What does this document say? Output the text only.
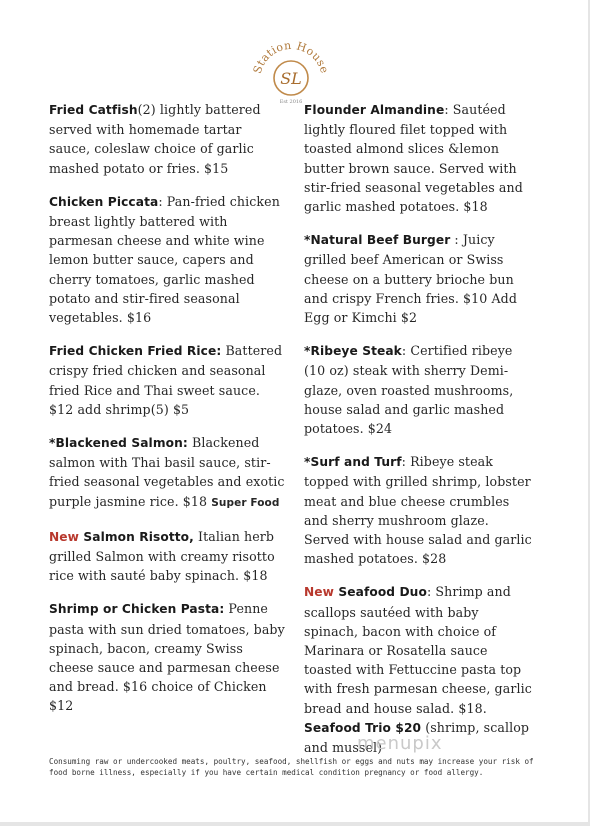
Station House
SL
Est 2016
Fried Catfish(2) lightly battered served with homemade tartar sauce, coleslaw choice of garlic mashed potato or fries. $15
Chicken Piccata: Pan-fried chicken breast lightly battered with parmesan cheese and white wine lemon butter sauce, capers and cherry tomatoes, garlic mashed potato and stir-fired seasonal vegetables. $16
Fried Chicken Fried Rice: Battered crispy fried chicken and seasonal fried Rice and Thai sweet sauce. $12 add shrimp(5) $5
*Blackened Salmon: Blackened salmon with Thai basil sauce, stir- fried seasonal vegetables and exotic purple jasmine rice. $18 Super Food
New Salmon Risotto, Italian herb grilled Salmon with creamy risotto rice with sauté baby spinach. $18
Shrimp or Chicken Pasta: Penne pasta with sun dried tomatoes, baby spinach, bacon, creamy Swiss cheese sauce and parmesan cheese and bread. $16 choice of Chicken $12
Flounder Almandine: Sautéed lightly floured filet topped with toasted almond slices &lemon butter brown sauce. Served with stir-fried seasonal vegetables and garlic mashed potatoes. $18
*Natural Beef Burger : Juicy grilled beef American or Swiss cheese on a buttery brioche bun and crispy French fries. $10 Add Egg or Kimchi $2
*Ribeye Steak: Certified ribeye (10 oz) steak with sherry Demi-glaze, oven roasted mushrooms, house salad and garlic mashed potatoes. $24
*Surf and Turf: Ribeye steak topped with grilled shrimp, lobster meat and blue cheese crumbles and sherry mushroom glaze. Served with house salad and garlic mashed potatoes. $28
New Seafood Duo: Shrimp and scallops sautéed with baby spinach, bacon with choice of Marinara or Rosatella sauce toasted with Fettuccine pasta top with fresh parmesan cheese, garlic bread and house salad. $18. Seafood Trio $20 (shrimp, scallop and mussel)
menupix
Consuming raw or undercooked meats, poultry, seafood, shellfish or eggs and nuts may increase your risk of food borne illness, especially if you have certain medical condition pregnancy or food allergy.
